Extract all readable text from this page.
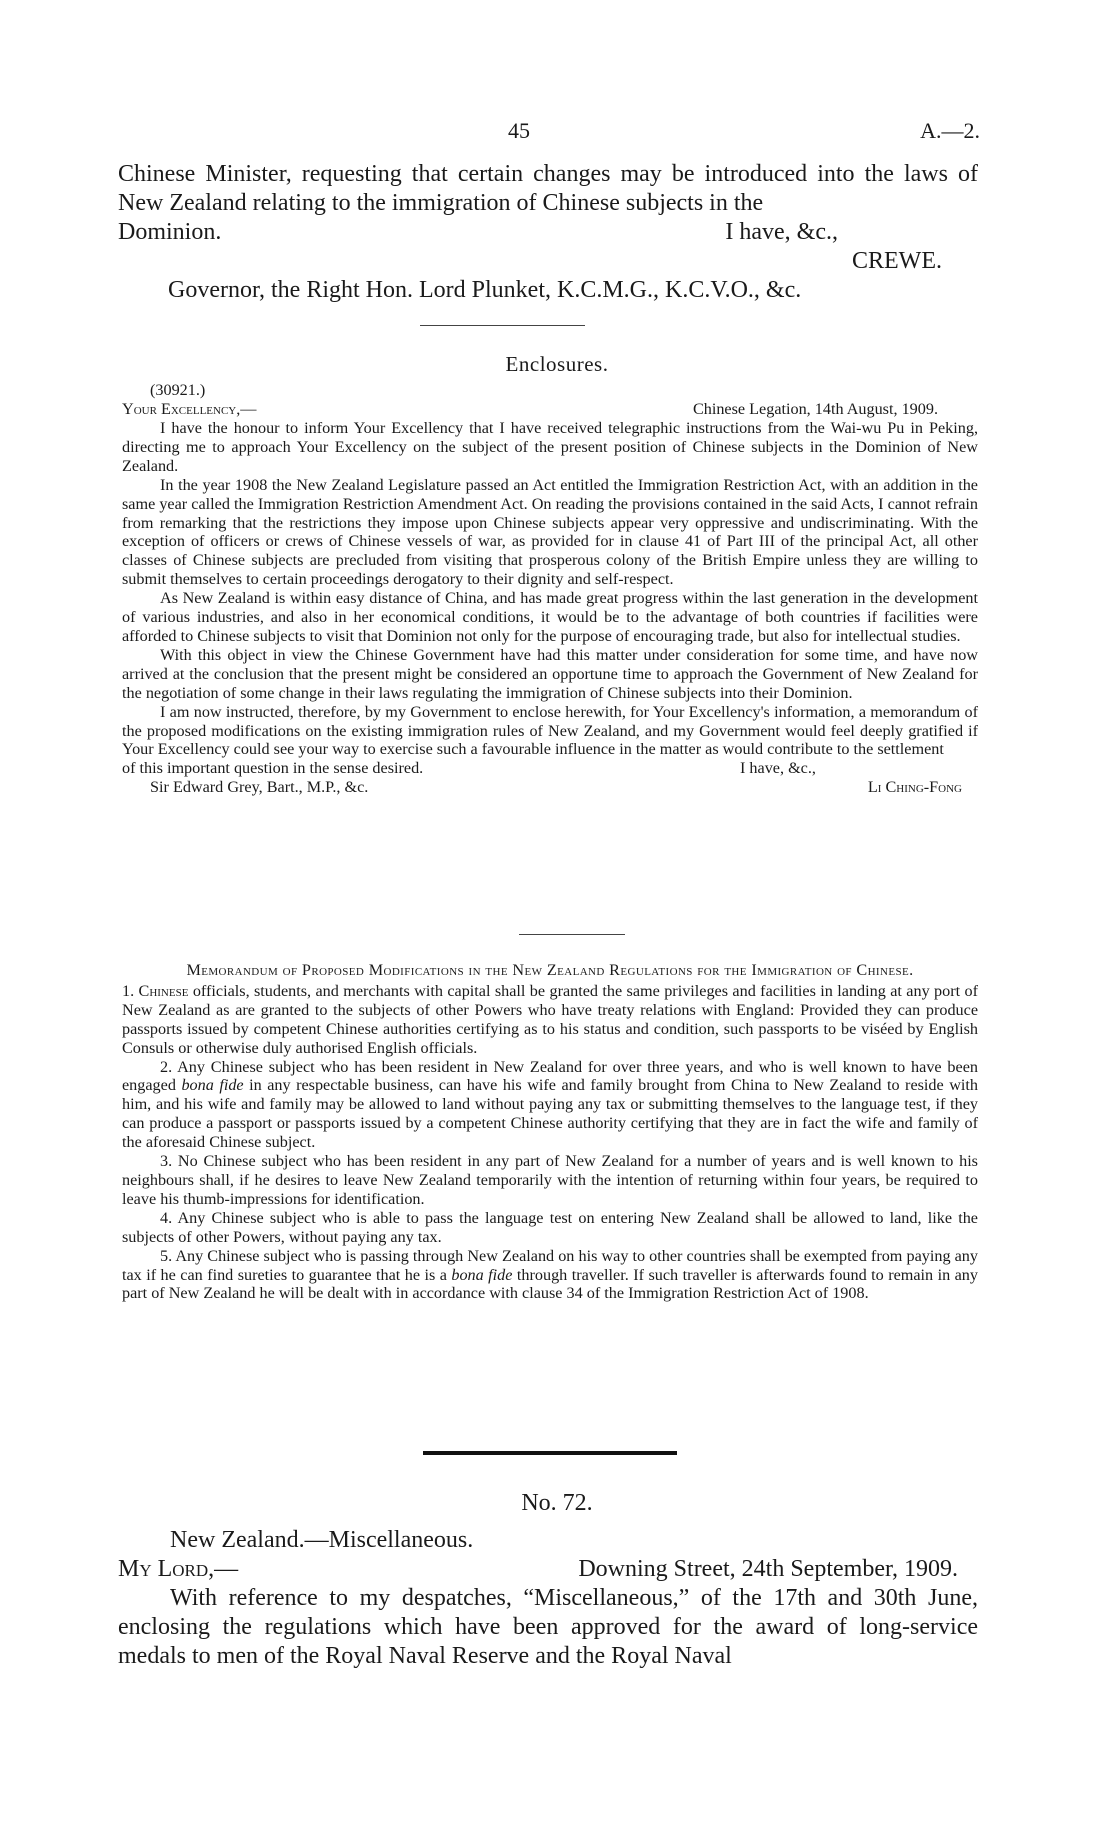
45	A.—2.

Chinese Minister, requesting that certain changes may be introduced into the laws of New Zealand relating to the immigration of Chinese subjects in the

Dominion.	I have, &c.,
CREWE.
Governor, the Right Hon. Lord Plunket, K.C.M.G., K.C.V.O., &c.
Enclosures.
(30921.)
Your Excellency,—	Chinese Legation, 14th August, 1909.

I have the honour to inform Your Excellency that I have received telegraphic instructions from the Wai-wu Pu in Peking, directing me to approach Your Excellency on the subject of the present position of Chinese subjects in the Dominion of New Zealand.

In the year 1908 the New Zealand Legislature passed an Act entitled the Immigration Restriction Act, with an addition in the same year called the Immigration Restriction Amendment Act. On reading the provisions contained in the said Acts, I cannot refrain from remarking that the restrictions they impose upon Chinese subjects appear very oppressive and undiscriminating. With the exception of officers or crews of Chinese vessels of war, as provided for in clause 41 of Part III of the principal Act, all other classes of Chinese subjects are precluded from visiting that prosperous colony of the British Empire unless they are willing to submit themselves to certain proceedings derogatory to their dignity and self-respect.

As New Zealand is within easy distance of China, and has made great progress within the last generation in the development of various industries, and also in her economical conditions, it would be to the advantage of both countries if facilities were afforded to Chinese subjects to visit that Dominion not only for the purpose of encouraging trade, but also for intellectual studies.

With this object in view the Chinese Government have had this matter under consideration for some time, and have now arrived at the conclusion that the present might be considered an opportune time to approach the Government of New Zealand for the negotiation of some change in their laws regulating the immigration of Chinese subjects into their Dominion.

I am now instructed, therefore, by my Government to enclose herewith, for Your Excellency's information, a memorandum of the proposed modifications on the existing immigration rules of New Zealand, and my Government would feel deeply gratified if Your Excellency could see your way to exercise such a favourable influence in the matter as would contribute to the settlement

of this important question in the sense desired.	I have, &c.,
Sir Edward Grey, Bart., M.P., &c.	Li Ching-Fong
Memorandum of Proposed Modifications in the New Zealand Regulations for the Immigration of Chinese.

1. Chinese officials, students, and merchants with capital shall be granted the same privileges and facilities in landing at any port of New Zealand as are granted to the subjects of other Powers who have treaty relations with England: Provided they can produce passports issued by competent Chinese authorities certifying as to his status and condition, such passports to be viséed by English Consuls or otherwise duly authorised English officials.

2. Any Chinese subject who has been resident in New Zealand for over three years, and who is well known to have been engaged bona fide in any respectable business, can have his wife and family brought from China to New Zealand to reside with him, and his wife and family may be allowed to land without paying any tax or submitting themselves to the language test, if they can produce a passport or passports issued by a competent Chinese authority certifying that they are in fact the wife and family of the aforesaid Chinese subject.

3. No Chinese subject who has been resident in any part of New Zealand for a number of years and is well known to his neighbours shall, if he desires to leave New Zealand temporarily with the intention of returning within four years, be required to leave his thumb-impressions for identification.

4. Any Chinese subject who is able to pass the language test on entering New Zealand shall be allowed to land, like the subjects of other Powers, without paying any tax.

5. Any Chinese subject who is passing through New Zealand on his way to other countries shall be exempted from paying any tax if he can find sureties to guarantee that he is a bona fide through traveller. If such traveller is afterwards found to remain in any part of New Zealand he will be dealt with in accordance with clause 34 of the Immigration Restriction Act of 1908.

No. 72.
New Zealand.—Miscellaneous.
My Lord,—	Downing Street, 24th September, 1909.

With reference to my despatches, “Miscellaneous,” of the 17th and 30th June, enclosing the regulations which have been approved for the award of long-service medals to men of the Royal Naval Reserve and the Royal Naval
